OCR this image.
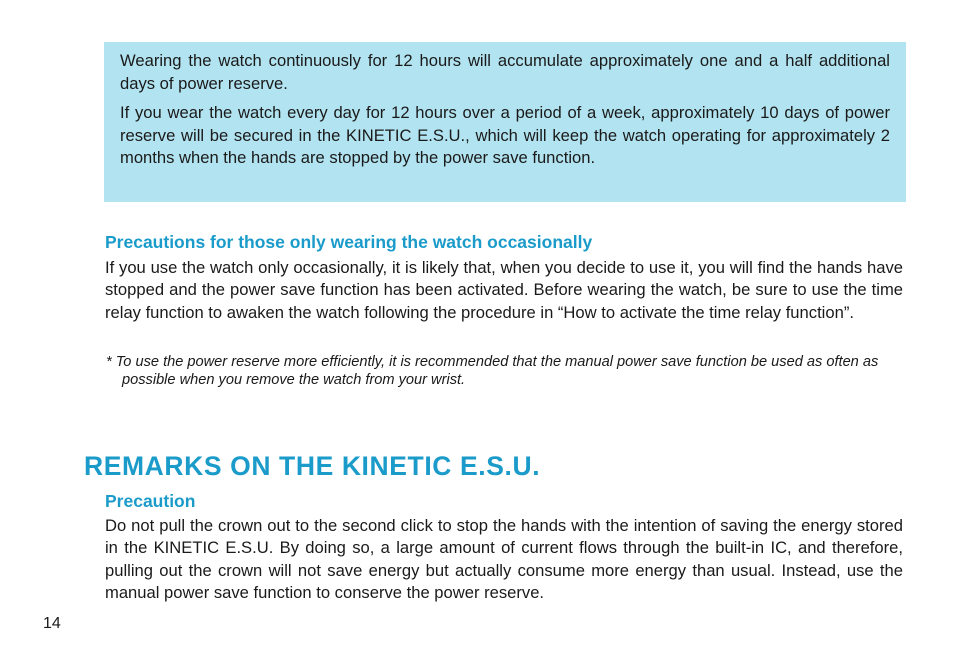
Wearing the watch continuously for 12 hours will accumulate approximately one and a half additional days of power reserve.

If you wear the watch every day for 12 hours over a period of a week, approximately 10 days of power reserve will be secured in the KINETIC E.S.U., which will keep the watch operating for approximately 2 months when the hands are stopped by the power save function.

Precautions for those only wearing the watch occasionally

If you use the watch only occasionally, it is likely that, when you decide to use it, you will find the hands have stopped and the power save function has been activated. Before wearing the watch, be sure to use the time relay function to awaken the watch following the procedure in “How to activate the time relay function”.

* To use the power reserve more efficiently, it is recommended that the manual power save function be used as often as possible when you remove the watch from your wrist.

REMARKS ON THE KINETIC E.S.U.
Precaution

Do not pull the crown out to the second click to stop the hands with the intention of saving the energy stored in the KINETIC E.S.U. By doing so, a large amount of current flows through the built-in IC, and therefore, pulling out the crown will not save energy but actually consume more energy than usual. Instead, use the manual power save function to conserve the power reserve.

14
